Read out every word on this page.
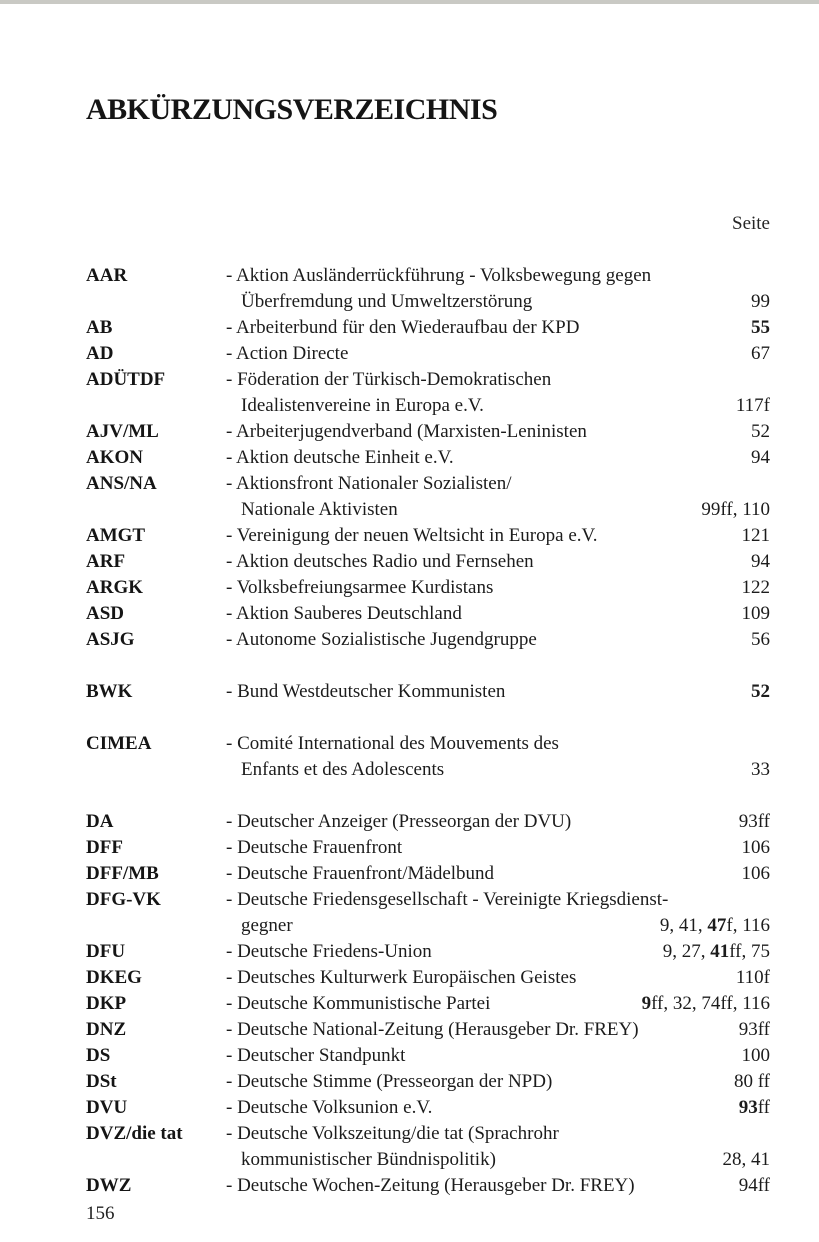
ABKÜRZUNGSVERZEICHNIS
Seite
AAR	- Aktion Ausländerrückführung - Volksbewegung gegen
Überfremdung und Umweltzerstörung	99
AB	- Arbeiterbund für den Wiederaufbau der KPD	55
AD	- Action Directe	67
ADÜTDF	- Föderation der Türkisch-Demokratischen
Idealistenvereine in Europa e.V.	117f
AJV/ML	- Arbeiterjugendverband (Marxisten-Leninisten	52
AKON	- Aktion deutsche Einheit e.V.	94
ANS/NA	- Aktionsfront Nationaler Sozialisten/
Nationale Aktivisten	99ff, 110
AMGT	- Vereinigung der neuen Weltsicht in Europa e.V.	121
ARF	- Aktion deutsches Radio und Fernsehen	94
ARGK	- Volksbefreiungsarmee Kurdistans	122
ASD	- Aktion Sauberes Deutschland	109
ASJG	- Autonome Sozialistische Jugendgruppe	56
BWK	- Bund Westdeutscher Kommunisten	52
CIMEA	- Comité International des Mouvements des
Enfants et des Adolescents	33
DA	- Deutscher Anzeiger (Presseorgan der DVU)	93ff
DFF	- Deutsche Frauenfront	106
DFF/MB	- Deutsche Frauenfront/Mädelbund	106
DFG-VK	- Deutsche Friedensgesellschaft - Vereinigte Kriegsdienst-
gegner	9, 41, 47f, 116
DFU	- Deutsche Friedens-Union	9, 27, 41ff, 75
DKEG	- Deutsches Kulturwerk Europäischen Geistes	110f
DKP	- Deutsche Kommunistische Partei	9ff, 32, 74ff, 116
DNZ	- Deutsche National-Zeitung (Herausgeber Dr. FREY)	93ff
DS	- Deutscher Standpunkt	100
DSt	- Deutsche Stimme (Presseorgan der NPD)	80 ff
DVU	- Deutsche Volksunion e.V.	93ff
DVZ/die tat - Deutsche Volkszeitung/die tat (Sprachrohr
kommunistischer Bündnispolitik)	28, 41
DWZ	- Deutsche Wochen-Zeitung (Herausgeber Dr. FREY)	94ff
156
